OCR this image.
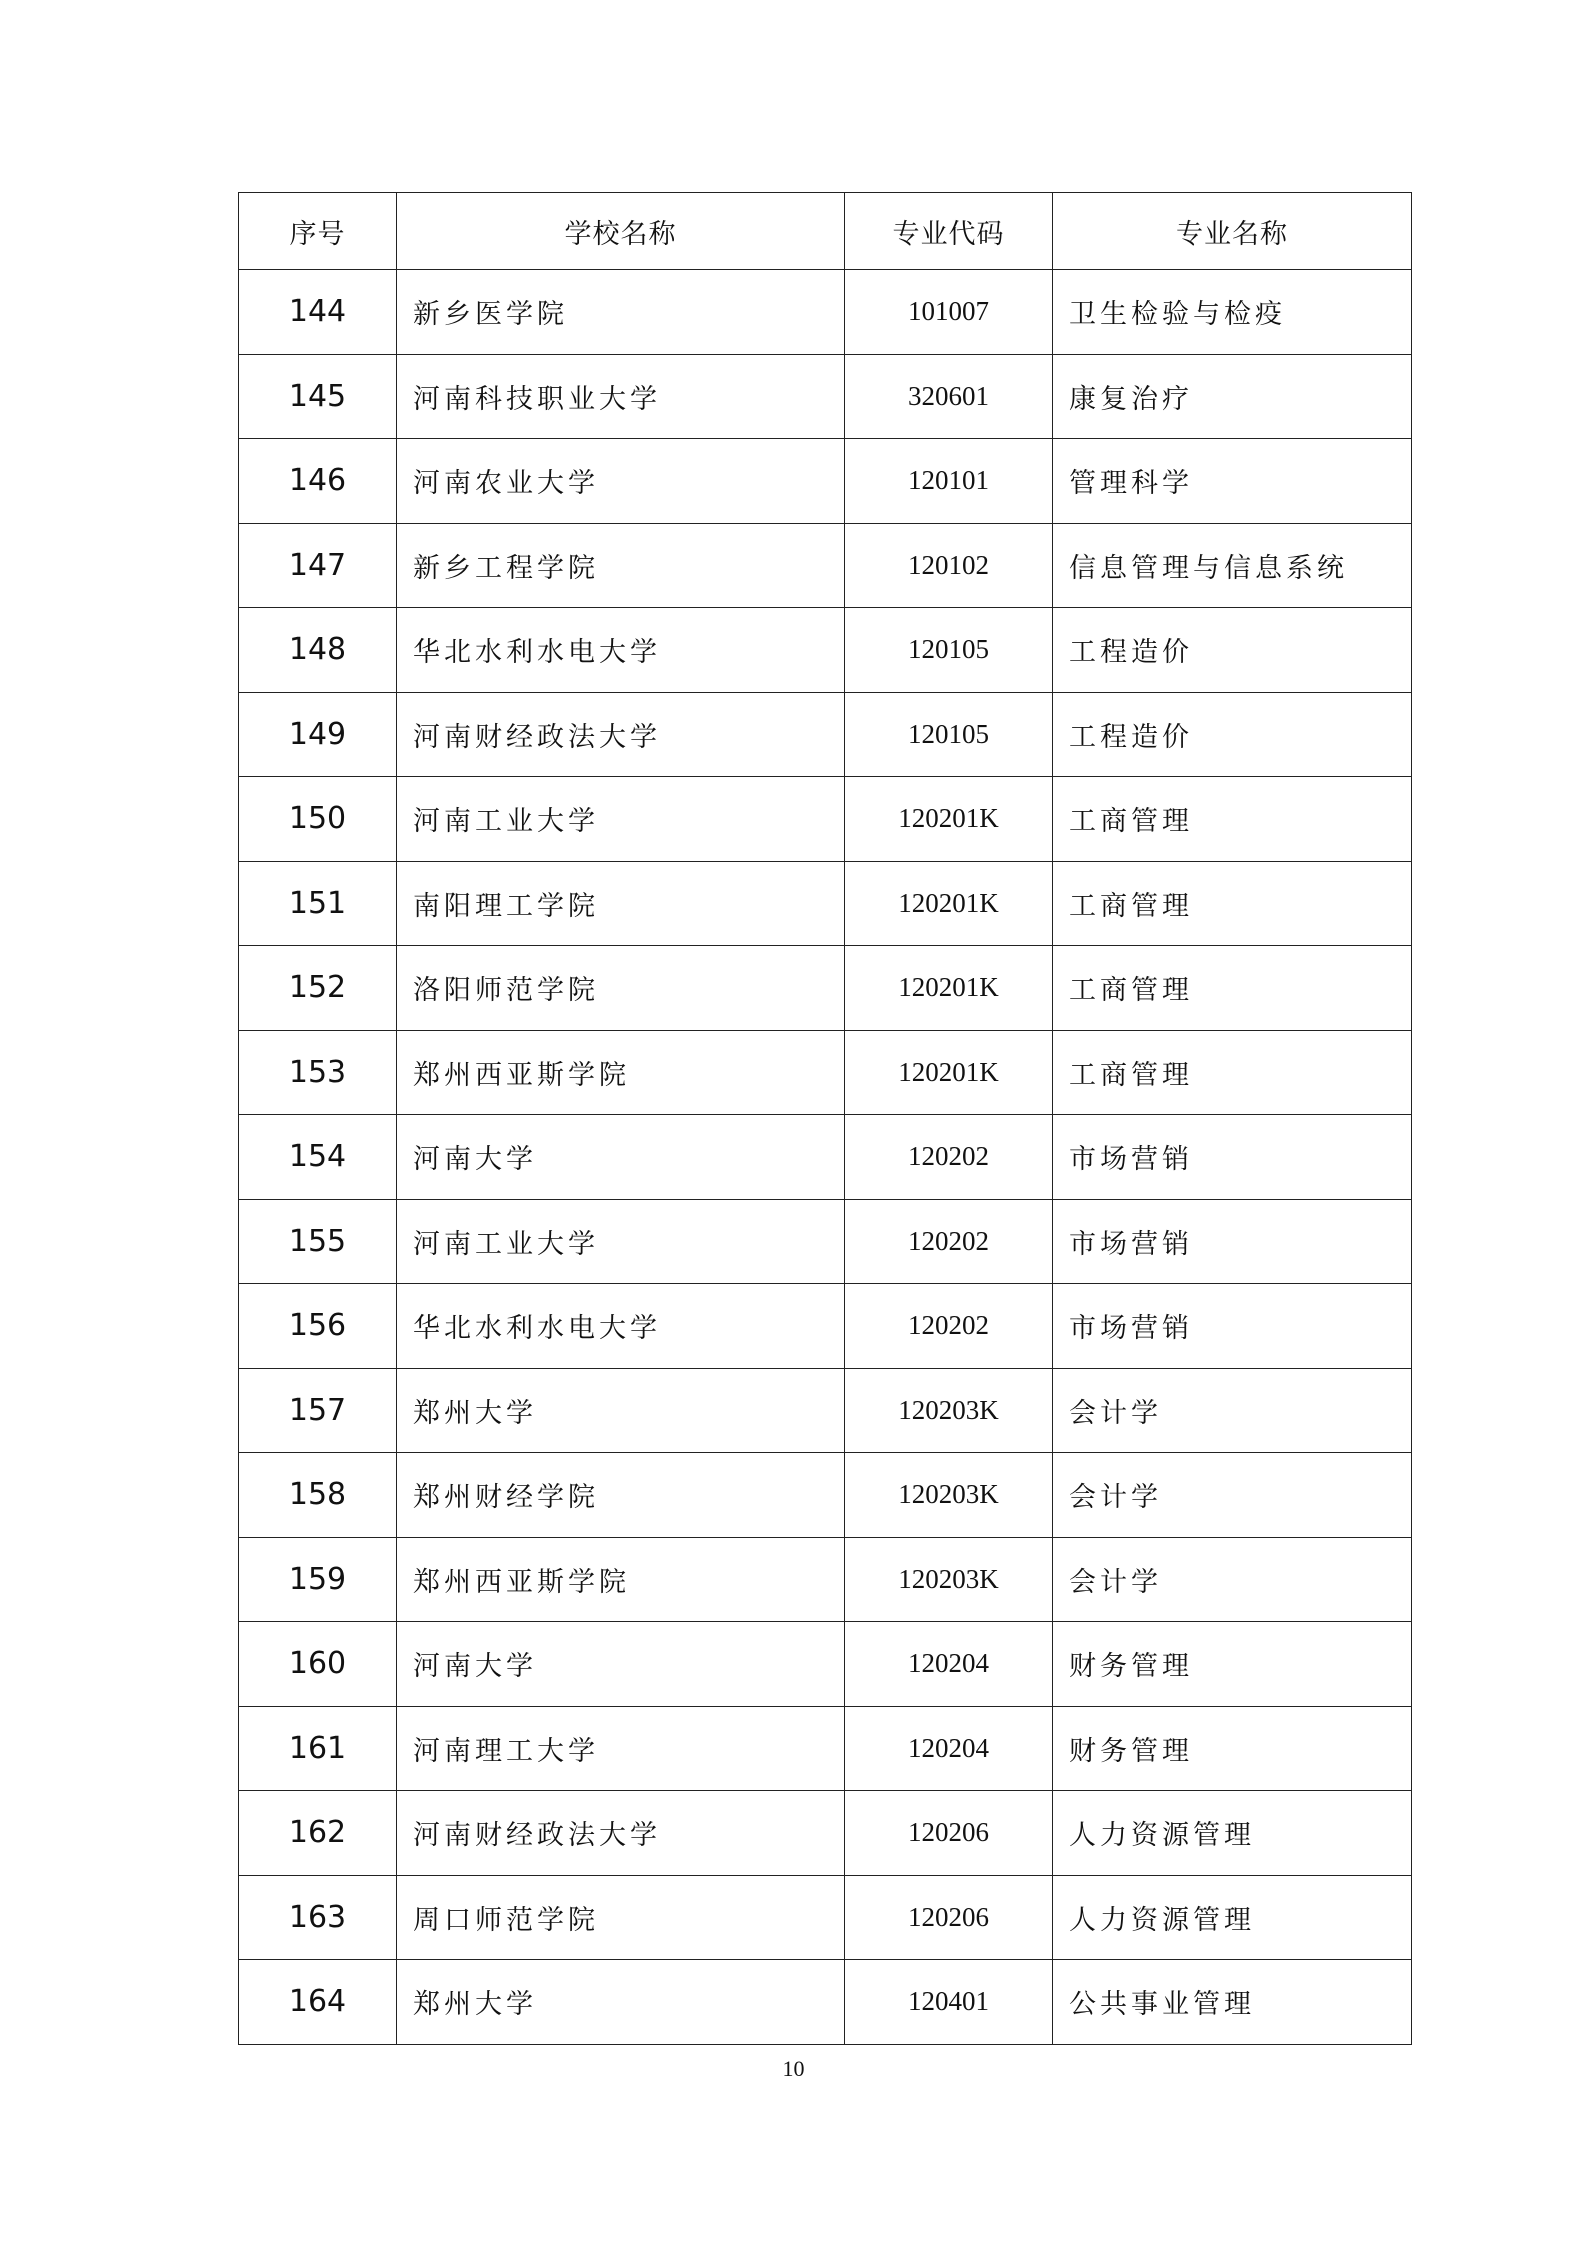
序号	学校名称	专业代码	专业名称
144	新乡医学院	101007	卫生检验与检疫
145	河南科技职业大学	320601	康复治疗
146	河南农业大学	120101	管理科学
147	新乡工程学院	120102	信息管理与信息系统
148	华北水利水电大学	120105	工程造价
149	河南财经政法大学	120105	工程造价
150	河南工业大学	120201K	工商管理
151	南阳理工学院	120201K	工商管理
152	洛阳师范学院	120201K	工商管理
153	郑州西亚斯学院	120201K	工商管理
154	河南大学	120202	市场营销
155	河南工业大学	120202	市场营销
156	华北水利水电大学	120202	市场营销
157	郑州大学	120203K	会计学
158	郑州财经学院	120203K	会计学
159	郑州西亚斯学院	120203K	会计学
160	河南大学	120204	财务管理
161	河南理工大学	120204	财务管理
162	河南财经政法大学	120206	人力资源管理
163	周口师范学院	120206	人力资源管理
164	郑州大学	120401	公共事业管理
10
